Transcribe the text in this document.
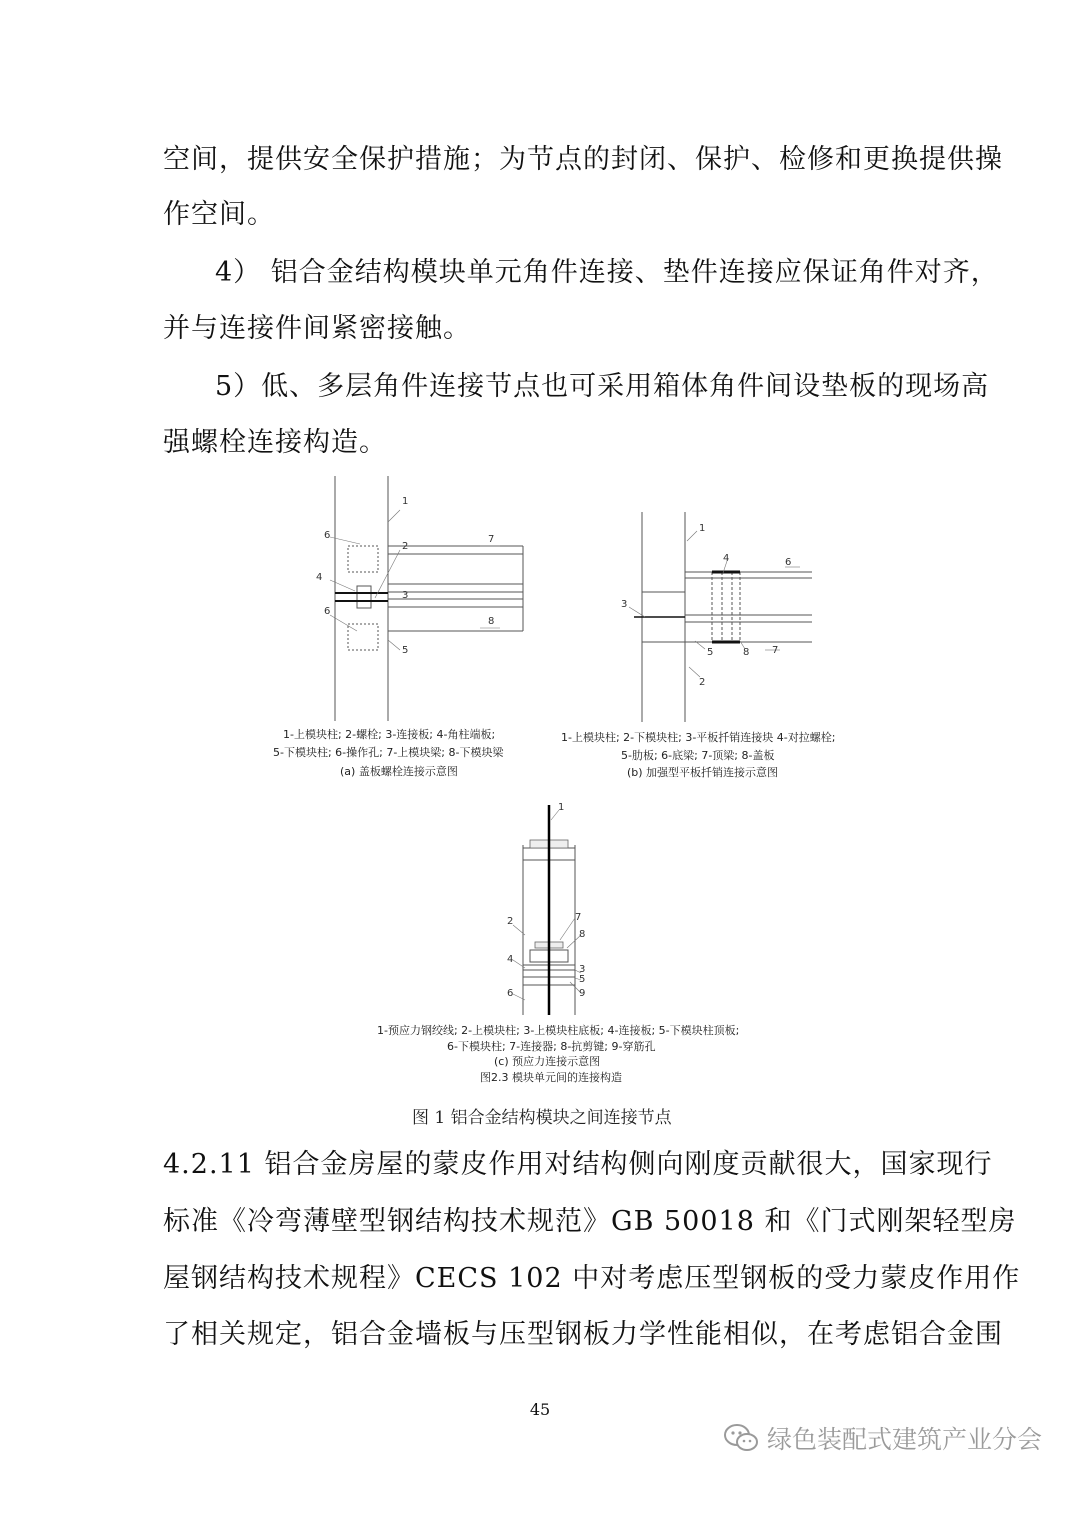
空间，提供安全保护措施；为节点的封闭、保护、检修和更换提供操
作空间。
4） 铝合金结构模块单元角件连接、垫件连接应保证角件对齐，
并与连接件间紧密接触。
5）低、多层角件连接节点也可采用箱体角件间设垫板的现场高
强螺栓连接构造。
1
2
3
4
5
6
6
7
8
1-上模块柱; 2-螺栓; 3-连接板; 4-角柱端板;
5-下模块柱; 6-操作孔; 7-上模块梁; 8-下模块梁
(a) 盖板螺栓连接示意图
1
2
3
4
5
6
7
8
1-上模块柱; 2-下模块柱; 3-平板扦销连接块 4-对拉螺栓;
5-肋板; 6-底梁; 7-顶梁; 8-盖板
(b) 加强型平板扦销连接示意图
1
2
3
4
5
6
7
8
9
1-预应力钢绞线; 2-上模块柱; 3-上模块柱底板; 4-连接板; 5-下模块柱顶板;
6-下模块柱; 7-连接器; 8-抗剪键; 9-穿筋孔
(c) 预应力连接示意图
图2.3 模块单元间的连接构造
图 1 铝合金结构模块之间连接节点
4.2.11 铝合金房屋的蒙皮作用对结构侧向刚度贡献很大，国家现行
标准《冷弯薄壁型钢结构技术规范》GB 50018 和《门式刚架轻型房
屋钢结构技术规程》CECS 102 中对考虑压型钢板的受力蒙皮作用作
了相关规定，铝合金墙板与压型钢板力学性能相似，在考虑铝合金围
45
绿色装配式建筑产业分会
